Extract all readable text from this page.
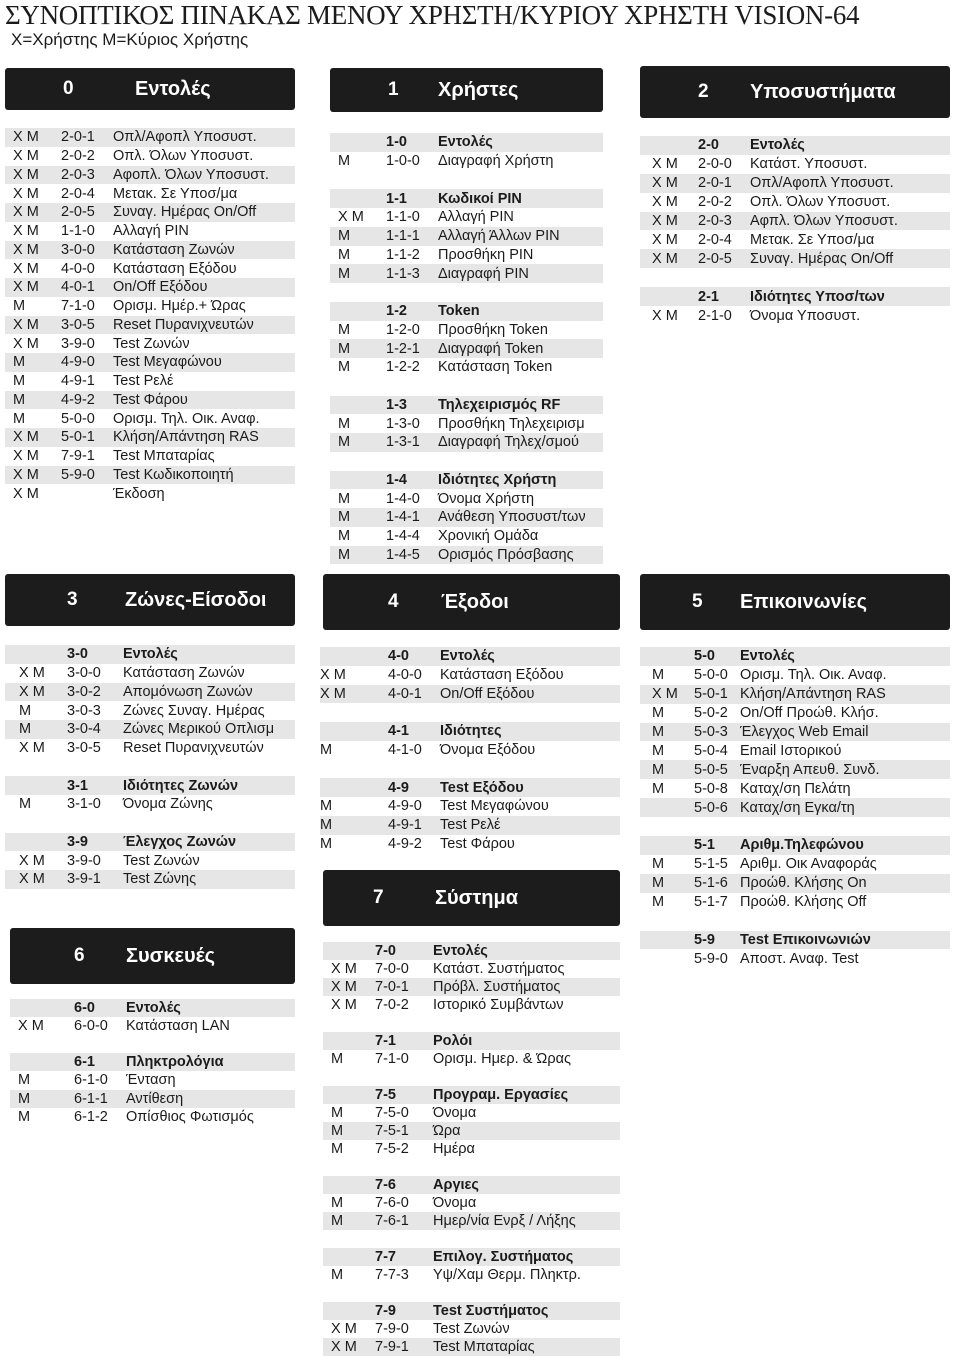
ΣΥΝΟΠΤΙΚΟΣ ΠΙΝΑΚΑΣ ΜΕΝΟΥ ΧΡΗΣΤΗ/ΚΥΡΙΟΥ ΧΡΗΣΤΗ VISION-64
Χ=Χρήστης Μ=Κύριος Χρήστης
0	Εντολές
Χ Μ 2-0-1 Οπλ/Αφοπλ Υποσυστ.
Χ Μ 2-0-2 Οπλ. Όλων Υποσυστ.
Χ Μ 2-0-3 Αφοπλ. Όλων Υποσυστ.
Χ Μ 2-0-4 Μετακ. Σε Υποσ/μα
Χ Μ 2-0-5 Συναγ. Ημέρας On/Off
Χ Μ 1-1-0 Αλλαγή PIN
Χ Μ 3-0-0 Κατάσταση Ζωνών
Χ Μ 4-0-0 Κατάσταση Εξόδου
Χ Μ 4-0-1 On/Off Εξόδου
Μ 7-1-0 Ορισμ. Ημέρ.+ Ώρας
Χ Μ 3-0-5 Reset Πυρανιχνευτών
Χ Μ 3-9-0 Test Ζωνών
Μ 4-9-0 Test Μεγαφώνου
Μ 4-9-1 Test Ρελέ
Μ 4-9-2 Test Φάρου
Μ 5-0-0 Ορισμ. Τηλ. Οικ. Αναφ.
Χ Μ 5-0-1 Κλήση/Απάντηση RAS
Χ Μ 7-9-1 Test Μπαταρίας
Χ Μ 5-9-0 Test Κωδικοποιητή
Χ Μ	Έκδοση
1 Χρήστες
1-0 Εντολές
Μ 1-0-0 Διαγραφή Χρήστη
1-1 Κωδικοί PIN
Χ Μ 1-1-0 Αλλαγή PIN
Μ 1-1-1 Αλλαγή Άλλων PIN
Μ 1-1-2 Προσθήκη PIN
Μ 1-1-3 Διαγραφή PIN
1-2 Token
Μ 1-2-0 Προσθήκη Token
Μ 1-2-1 Διαγραφή Token
Μ 1-2-2 Κατάσταση Token
1-3 Τηλεχειρισμός RF
Μ 1-3-0 Προσθήκη Τηλεχειρισμ
Μ 1-3-1 Διαγραφή Τηλεχ/σμού
1-4 Ιδιότητες Χρήστη
Μ 1-4-0 Όνομα Χρήστη
Μ 1-4-1 Ανάθεση Υποσυστ/των
Μ 1-4-4 Χρονική Ομάδα
Μ 1-4-5 Ορισμός Πρόσβασης
2 Υποσυστήματα
2-0 Εντολές
Χ Μ 2-0-0 Κατάστ. Υποσυστ.
Χ Μ 2-0-1 Οπλ/Αφοπλ Υποσυστ.
Χ Μ 2-0-2 Οπλ. Όλων Υποσυστ.
Χ Μ 2-0-3 Αφπλ. Όλων Υποσυστ.
Χ Μ 2-0-4 Μετακ. Σε Υποσ/μα
Χ Μ 2-0-5 Συναγ. Ημέρας On/Off
2-1 Ιδιότητες Υποσ/των
Χ Μ 2-1-0 Όνομα Υποσυστ.
3 Ζώνες-Είσοδοι
3-0 Εντολές
Χ Μ 3-0-0 Κατάσταση Ζωνών
Χ Μ 3-0-2 Απομόνωση Ζωνών
Μ 3-0-3 Ζώνες Συναγ. Ημέρας
Μ 3-0-4 Ζώνες Μερικού Οπλισμ
Χ Μ 3-0-5 Reset Πυρανιχνευτών
3-1 Ιδιότητες Ζωνών
Μ 3-1-0 Όνομα Ζώνης
3-9 Έλεγχος Ζωνών
Χ Μ 3-9-0 Test Ζωνών
Χ Μ 3-9-1 Test Ζώνης
4 Έξοδοι
4-0 Εντολές
Χ Μ	4-0-0 Κατάσταση Εξόδου
Χ Μ	4-0-1 On/Off Εξόδου
4-1 Ιδιότητες
Μ	4-1-0 Όνομα Εξόδου
4-9 Test Εξόδου
Μ	4-9-0 Test Μεγαφώνου
Μ	4-9-1 Test Ρελέ
Μ	4-9-2 Test Φάρου
5 Επικοινωνίες
5-0 Εντολές
Μ 5-0-0 Ορισμ. Τηλ. Οικ. Αναφ.
Χ Μ 5-0-1 Κλήση/Απάντηση RAS
Μ 5-0-2 On/Off Προώθ. Κλήσ.
Μ 5-0-3 Έλεγχος Web Email
Μ 5-0-4 Email Ιστορικού
Μ 5-0-5 Έναρξη Απευθ. Συνδ.
Μ 5-0-8 Καταχ/ση Πελάτη
5-0-6 Καταχ/ση Εγκα/τη
5-1 Αριθμ.Τηλεφώνου
Μ 5-1-5 Αριθμ. Οικ Αναφοράς
Μ 5-1-6 Προώθ. Κλήσης On
Μ 5-1-7 Προώθ. Κλήσης Off
5-9 Test Επικοινωνιών
5-9-0 Αποστ. Αναφ. Test
6 Συσκευές
6-0 Εντολές
Χ Μ 6-0-0 Κατάσταση LAN
6-1 Πληκτρολόγια
Μ	6-1-0 Ένταση
Μ	6-1-1 Αντίθεση
Μ	6-1-2 Οπίσθιος Φωτισμός
7	Σύστημα
7-0	Εντολές
Χ Μ 7-0-0 Κατάστ. Συστήματος
Χ Μ 7-0-1 Πρόβλ. Συστήματος
Χ Μ 7-0-2 Ιστορικό Συμβάντων
7-1	Ρολόι
Μ 7-1-0 Ορισμ. Ημερ. & Ώρας
7-5	Προγραμ. Εργασίες
Μ 7-5-0 Όνομα
Μ 7-5-1 Ώρα
Μ 7-5-2 Ημέρα
7-6	Αργιες
Μ 7-6-0 Όνομα
Μ 7-6-1 Ημερ/νία Ενρξ / Λήξης
7-7	Επιλογ. Συστήματος
Μ 7-7-3 Υψ/Χαμ Θερμ. Πληκτρ.
7-9	Test Συστήματος
Χ Μ 7-9-0 Test Ζωνών
Χ Μ 7-9-1 Test Μπαταρίας
